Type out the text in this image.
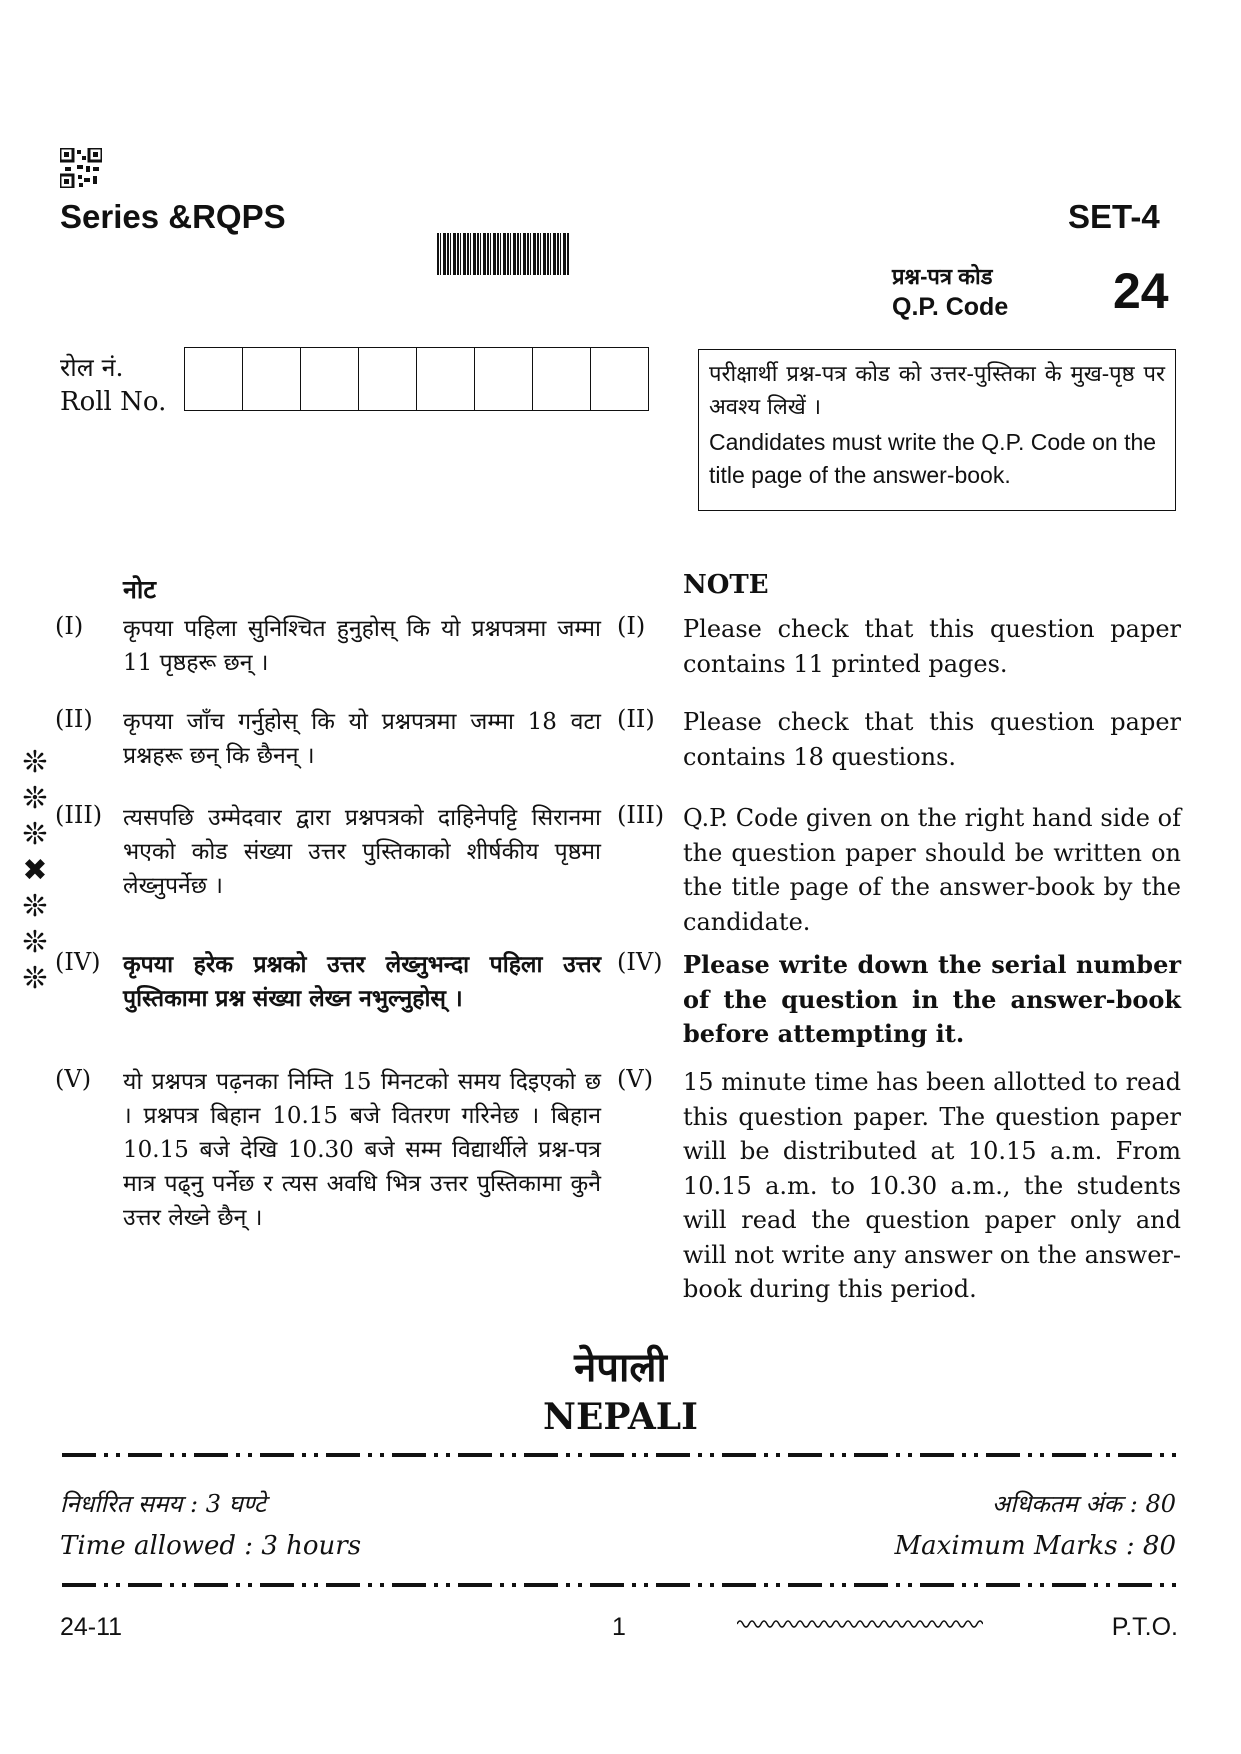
Series &RQPS	SET-4
प्रश्न-पत्र कोड
Q.P. Code 24
रोल नं.
Roll No.
परीक्षार्थी प्रश्न-पत्र कोड को उत्तर-पुस्तिका के मुख-पृष्ठ पर अवश्य लिखें ।
Candidates must write the Q.P. Code on the title page of the answer-book.
नोट	NOTE
(I) कृपया पहिला सुनिश्चित हुनुहोस् कि यो प्रश्नपत्रमा जम्मा 11 पृष्ठहरू छन् ।
(I) Please check that this question paper contains 11 printed pages.
(II) कृपया जाँच गर्नुहोस् कि यो प्रश्नपत्रमा जम्मा 18 वटा प्रश्नहरू छन् कि छैनन् ।
(II) Please check that this question paper contains 18 questions.
(III) त्यसपछि उम्मेदवार द्वारा प्रश्नपत्रको दाहिनेपट्टि सिरानमा भएको कोड संख्या उत्तर पुस्तिकाको शीर्षकीय पृष्ठमा लेख्नुपर्नेछ ।
(III) Q.P. Code given on the right hand side of the question paper should be written on the title page of the answer-book by the candidate.
(IV) कृपया हरेक प्रश्नको उत्तर लेख्नुभन्दा पहिला उत्तर पुस्तिकामा प्रश्न संख्या लेख्न नभुल्नुहोस् ।
(IV) Please write down the serial number of the question in the answer-book before attempting it.
(V) यो प्रश्नपत्र पढ़नका निम्ति 15 मिनटको समय दिइएको छ । प्रश्नपत्र बिहान 10.15 बजे वितरण गरिनेछ । बिहान 10.15 बजे देखि 10.30 बजे सम्म विद्यार्थीले प्रश्न-पत्र मात्र पढ्नु पर्नेछ र त्यस अवधि भित्र उत्तर पुस्तिकामा कुनै उत्तर लेख्ने छैन् ।
(V) 15 minute time has been allotted to read this question paper. The question paper will be distributed at 10.15 a.m. From 10.15 a.m. to 10.30 a.m., the students will read the question paper only and will not write any answer on the answer-book during this period.
❊ ❊ ❊ ✖ ❊ ❊ ❊
नेपाली
NEPALI
निर्धारित समय : 3 घण्टे
Time allowed : 3 hours
अधिकतम अंक : 80
Maximum Marks : 80
24-11	1	P.T.O.
